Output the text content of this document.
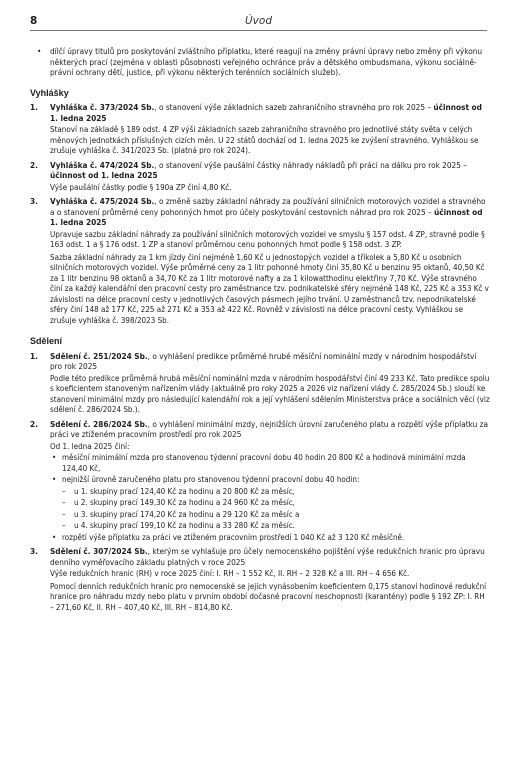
8	Úvod
• dílčí úpravy titulů pro poskytování zvláštního příplatku, které reagují na změny právní úpravy nebo změny při výkonu některých prací (zejména v oblasti působnosti veřejného ochránce práv a dětského ombudsmana, výkonu sociálně-právní ochrany dětí, justice, při výkonu některých terénních sociálních služeb).

Vyhlášky
1. Vyhláška č. 373/2024 Sb., o stanovení výše základních sazeb zahraničního stravného pro rok 2025 – účinnost od 1. ledna 2025

Stanoví na základě § 189 odst. 4 ZP výši základních sazeb zahraničního stravného pro jednotlivé státy světa v celých měnových jednotkách příslušných cizích měn. U 22 států dochází od 1. ledna 2025 ke zvýšení stravného. Vyhláškou se zrušuje vyhláška č. 341/2023 Sb. (platná pro rok 2024).

2. Vyhláška č. 474/2024 Sb., o stanovení výše paušální částky náhrady nákladů při práci na dálku pro rok 2025 – účinnost od 1. ledna 2025

Výše paušální částky podle § 190a ZP činí 4,80 Kč.

3. Vyhláška č. 475/2024 Sb., o změně sazby základní náhrady za používání silničních motorových vozidel a stravného a o stanovení průměrné ceny pohonných hmot pro účely poskytování cestovních náhrad pro rok 2025 – účinnost od 1. ledna 2025

Upravuje sazbu základní náhrady za používání silničních motorových vozidel ve smyslu § 157 odst. 4 ZP, stravné podle § 163 odst. 1 a § 176 odst. 1 ZP a stanoví průměrnou cenu pohonných hmot podle § 158 odst. 3 ZP.

Sazba základní náhrady za 1 km jízdy činí nejméně 1,60 Kč u jednostopých vozidel a tříkolek a 5,80 Kč u osobních silničních motorových vozidel. Výše průměrné ceny za 1 litr pohonné hmoty činí 35,80 Kč u benzinu 95 oktanů, 40,50 Kč za 1 litr benzinu 98 oktanů a 34,70 Kč za 1 litr motorové nafty a za 1 kilowatthodinu elektřiny 7,70 Kč. Výše stravného činí za každý kalendářní den pracovní cesty pro zaměstnance tzv. podnikatelské sféry nejméně 148 Kč, 225 Kč a 353 Kč v závislosti na délce pracovní cesty v jednotlivých časových pásmech jejího trvání. U zaměstnanců tzv. nepodnikatelské sféry činí 148 až 177 Kč, 225 až 271 Kč a 353 až 422 Kč. Rovněž v závislosti na délce pracovní cesty. Vyhláškou se zrušuje vyhláška č. 398/2023 Sb.

Sdělení
1. Sdělení č. 251/2024 Sb., o vyhlášení predikce průměrné hrubé měsíční nominální mzdy v národním hospodářství pro rok 2025

Podle této predikce průměrná hrubá měsíční nominální mzda v národním hospodářství činí 49 233 Kč. Tato predikce spolu s koeficientem stanoveným nařízením vlády (aktuálně pro roky 2025 a 2026 viz nařízení vlády č. 285/2024 Sb.) slouží ke stanovení minimální mzdy pro následující kalendářní rok a její vyhlášení sdělením Ministerstva práce a sociálních věcí (viz sdělení č. 286/2024 Sb.).

2. Sdělení č. 286/2024 Sb., o vyhlášení minimální mzdy, nejnižších úrovní zaručeného platu a rozpětí výše příplatku za práci ve ztíženém pracovním prostředí pro rok 2025

Od 1. ledna 2025 činí:

• měsíční minimální mzda pro stanovenou týdenní pracovní dobu 40 hodin 20 800 Kč a hodinová minimální mzda 124,40 Kč,
• nejnižší úrovně zaručeného platu pro stanovenou týdenní pracovní dobu 40 hodin:
– u 1. skupiny prací 124,40 Kč za hodinu a 20 800 Kč za měsíc,
– u 2. skupiny prací 149,30 Kč za hodinu a 24 960 Kč za měsíc,
– u 3. skupiny prací 174,20 Kč za hodinu a 29 120 Kč za měsíc a
– u 4. skupiny prací 199,10 Kč za hodinu a 33 280 Kč za měsíc.
• rozpětí výše příplatku za práci ve ztíženém pracovním prostředí 1 040 Kč až 3 120 Kč měsíčně.
3. Sdělení č. 307/2024 Sb., kterým se vyhlašuje pro účely nemocenského pojištění výše redukčních hranic pro úpravu denního vyměřovacího základu platných v roce 2025

Výše redukčních hranic (RH) v roce 2025 činí: I. RH – 1 552 Kč, II. RH – 2 328 Kč a III. RH – 4 656 Kč.

Pomocí denních redukčních hranic pro nemocenské se jejich vynásobením koeficientem 0,175 stanoví hodinové redukční hranice pro náhradu mzdy nebo platu v prvním období dočasné pracovní neschopnosti (karantény) podle § 192 ZP: I. RH – 271,60 Kč, II. RH – 407,40 Kč, III. RH – 814,80 Kč.
